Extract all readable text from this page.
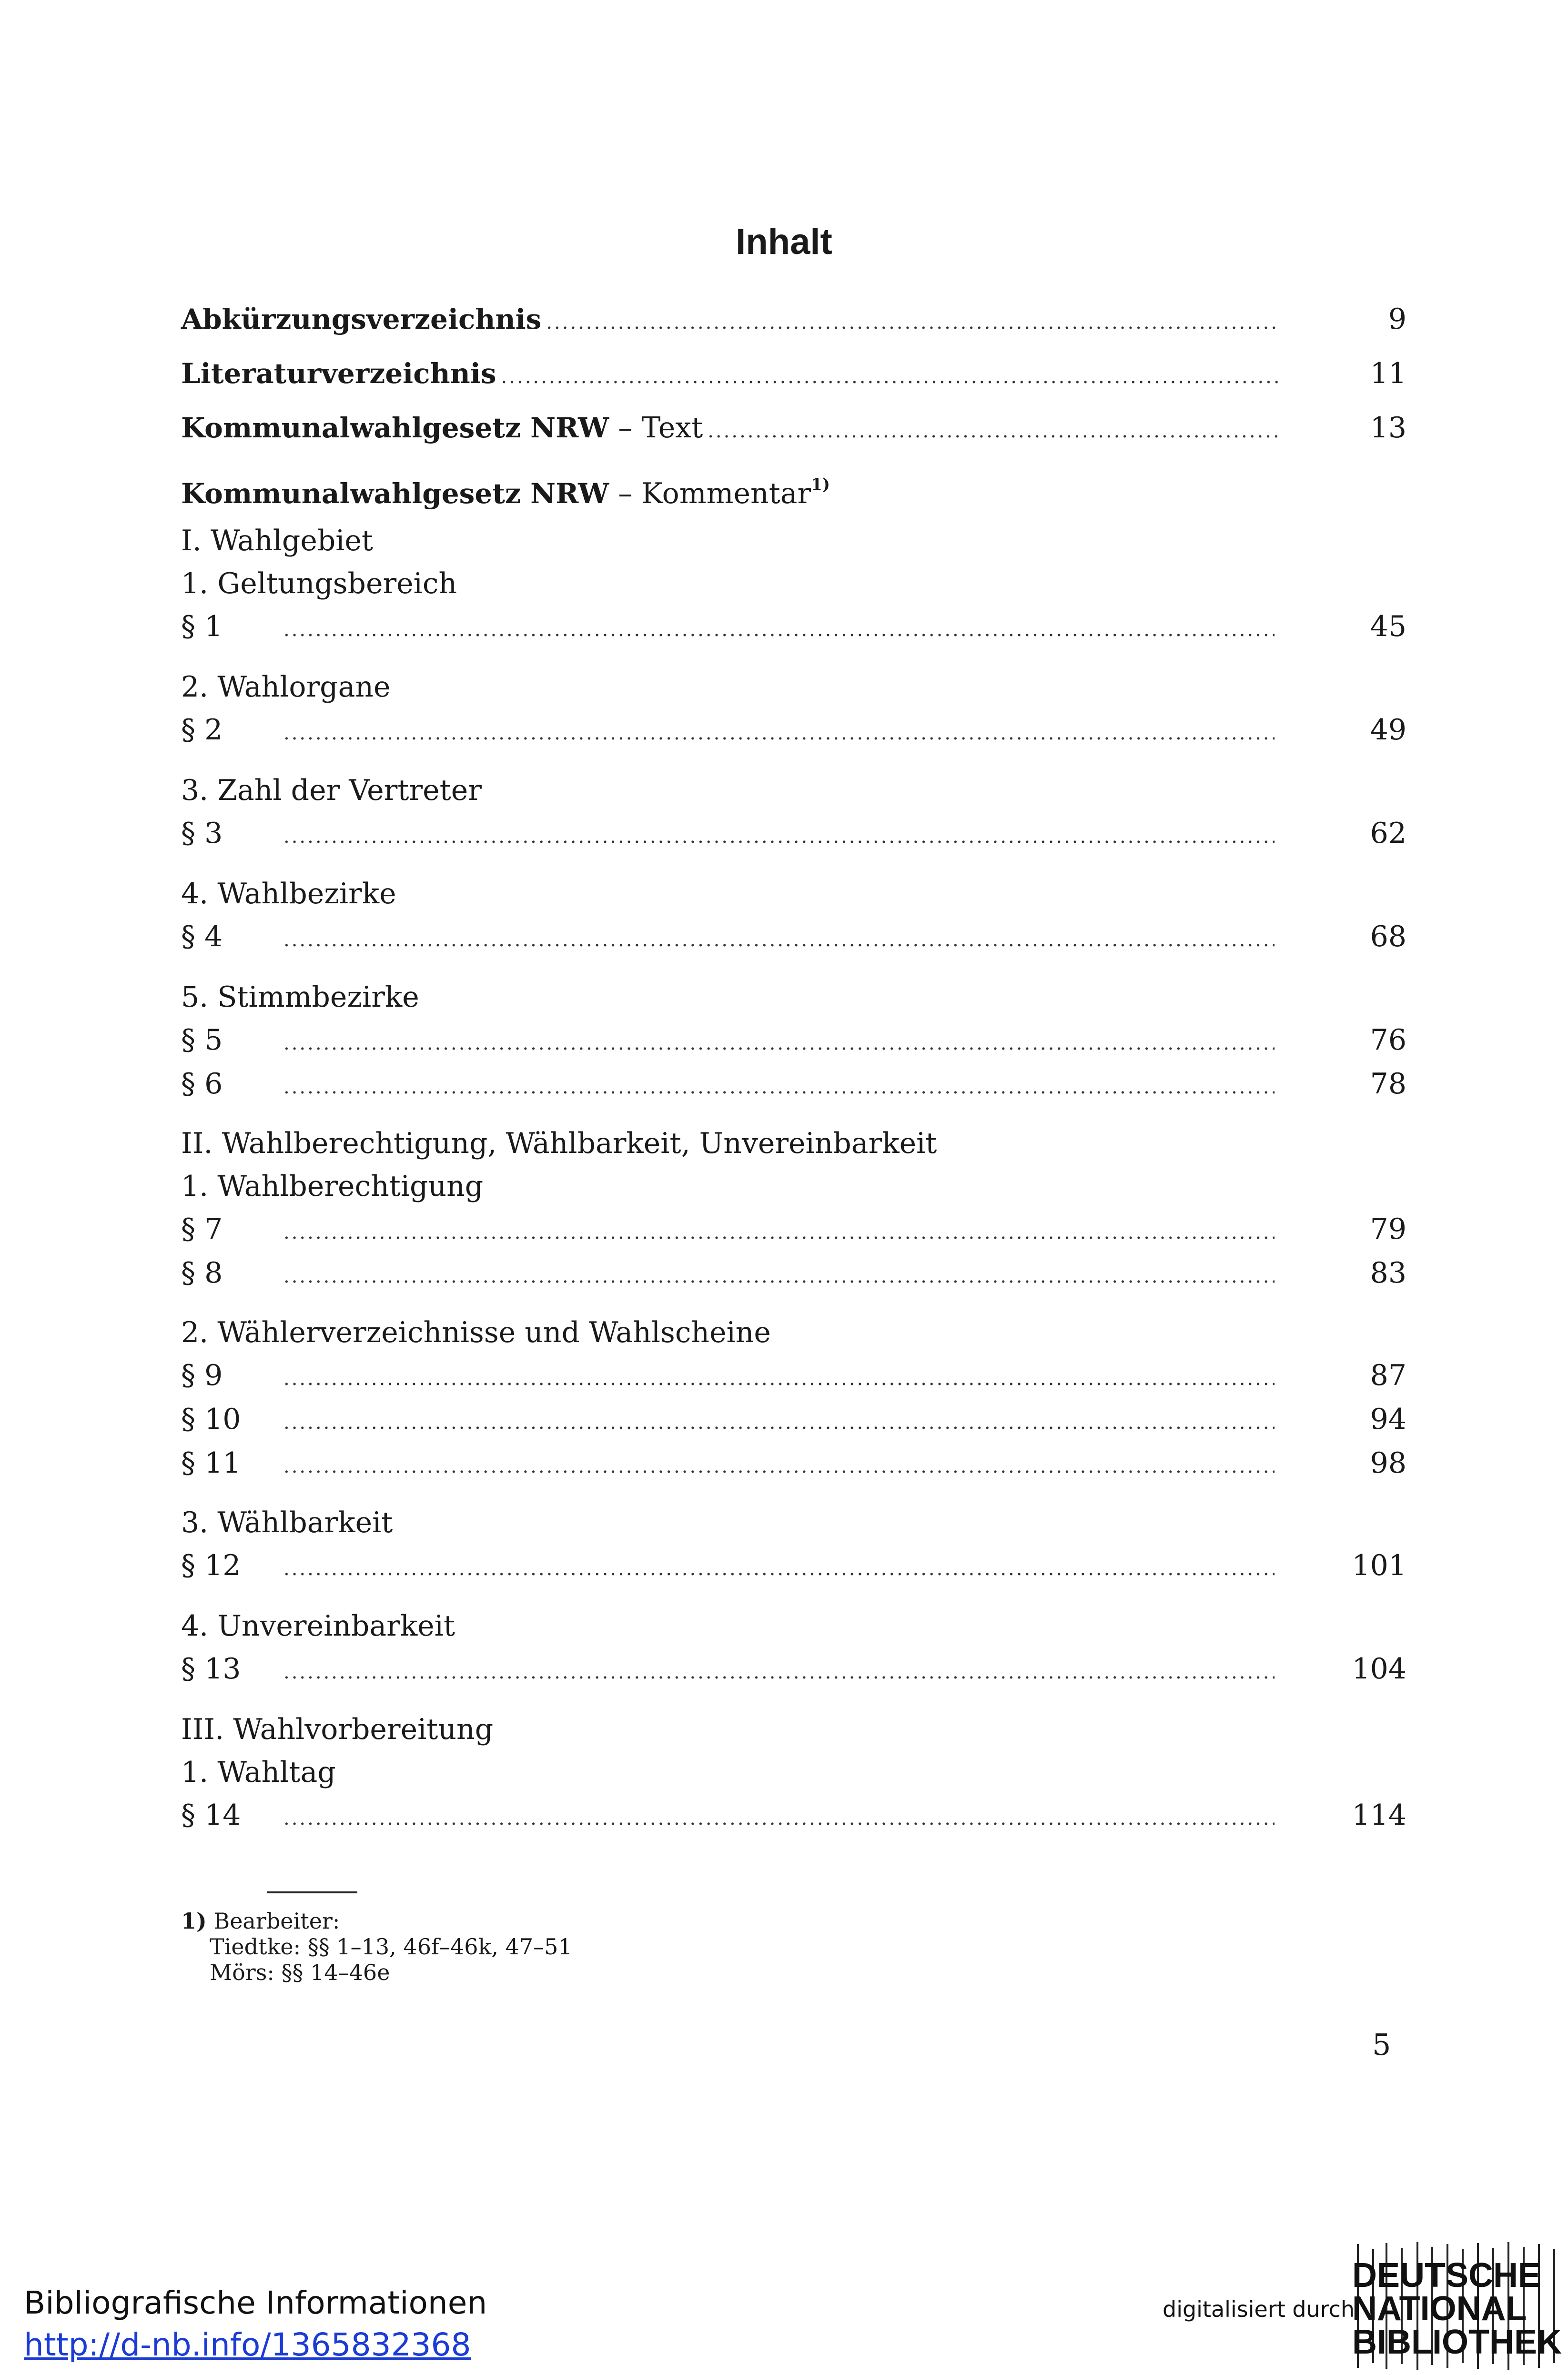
Inhalt
Abkürzungsverzeichnis .....	9
Literaturverzeichnis .....	11
Kommunalwahlgesetz NRW – Text .....	13
Kommunalwahlgesetz NRW – Kommentar$^{1)}$
I. Wahlgebiet
1. Geltungsbereich
§ 1 .....	45
2. Wahlorgane
§ 2 .....	49
3. Zahl der Vertreter
§ 3 .....	62
4. Wahlbezirke
§ 4 .....	68
5. Stimmbezirke
§ 5 .....	76
§ 6 .....	78
II. Wahlberechtigung, Wählbarkeit, Unvereinbarkeit
1. Wahlberechtigung
§ 7 .....	79
§ 8 .....	83
2. Wählerverzeichnisse und Wahlscheine
§ 9 .....	87
§ 10 .....	94
§ 11 .....	98
3. Wählbarkeit
§ 12 .....	101
4. Unvereinbarkeit
§ 13 .....	104
III. Wahlvorbereitung
1. Wahltag
§ 14 .....	114
1) Bearbeiter:
Tiedtke: §§ 1–13, 46f–46k, 47–51
Mörs: §§ 14–46e
5
Bibliografische Informationen
http://d-nb.info/1365832368
digitalisiert durch
DEUTSCHE
NATIONAL
BIBLIOTHEK
